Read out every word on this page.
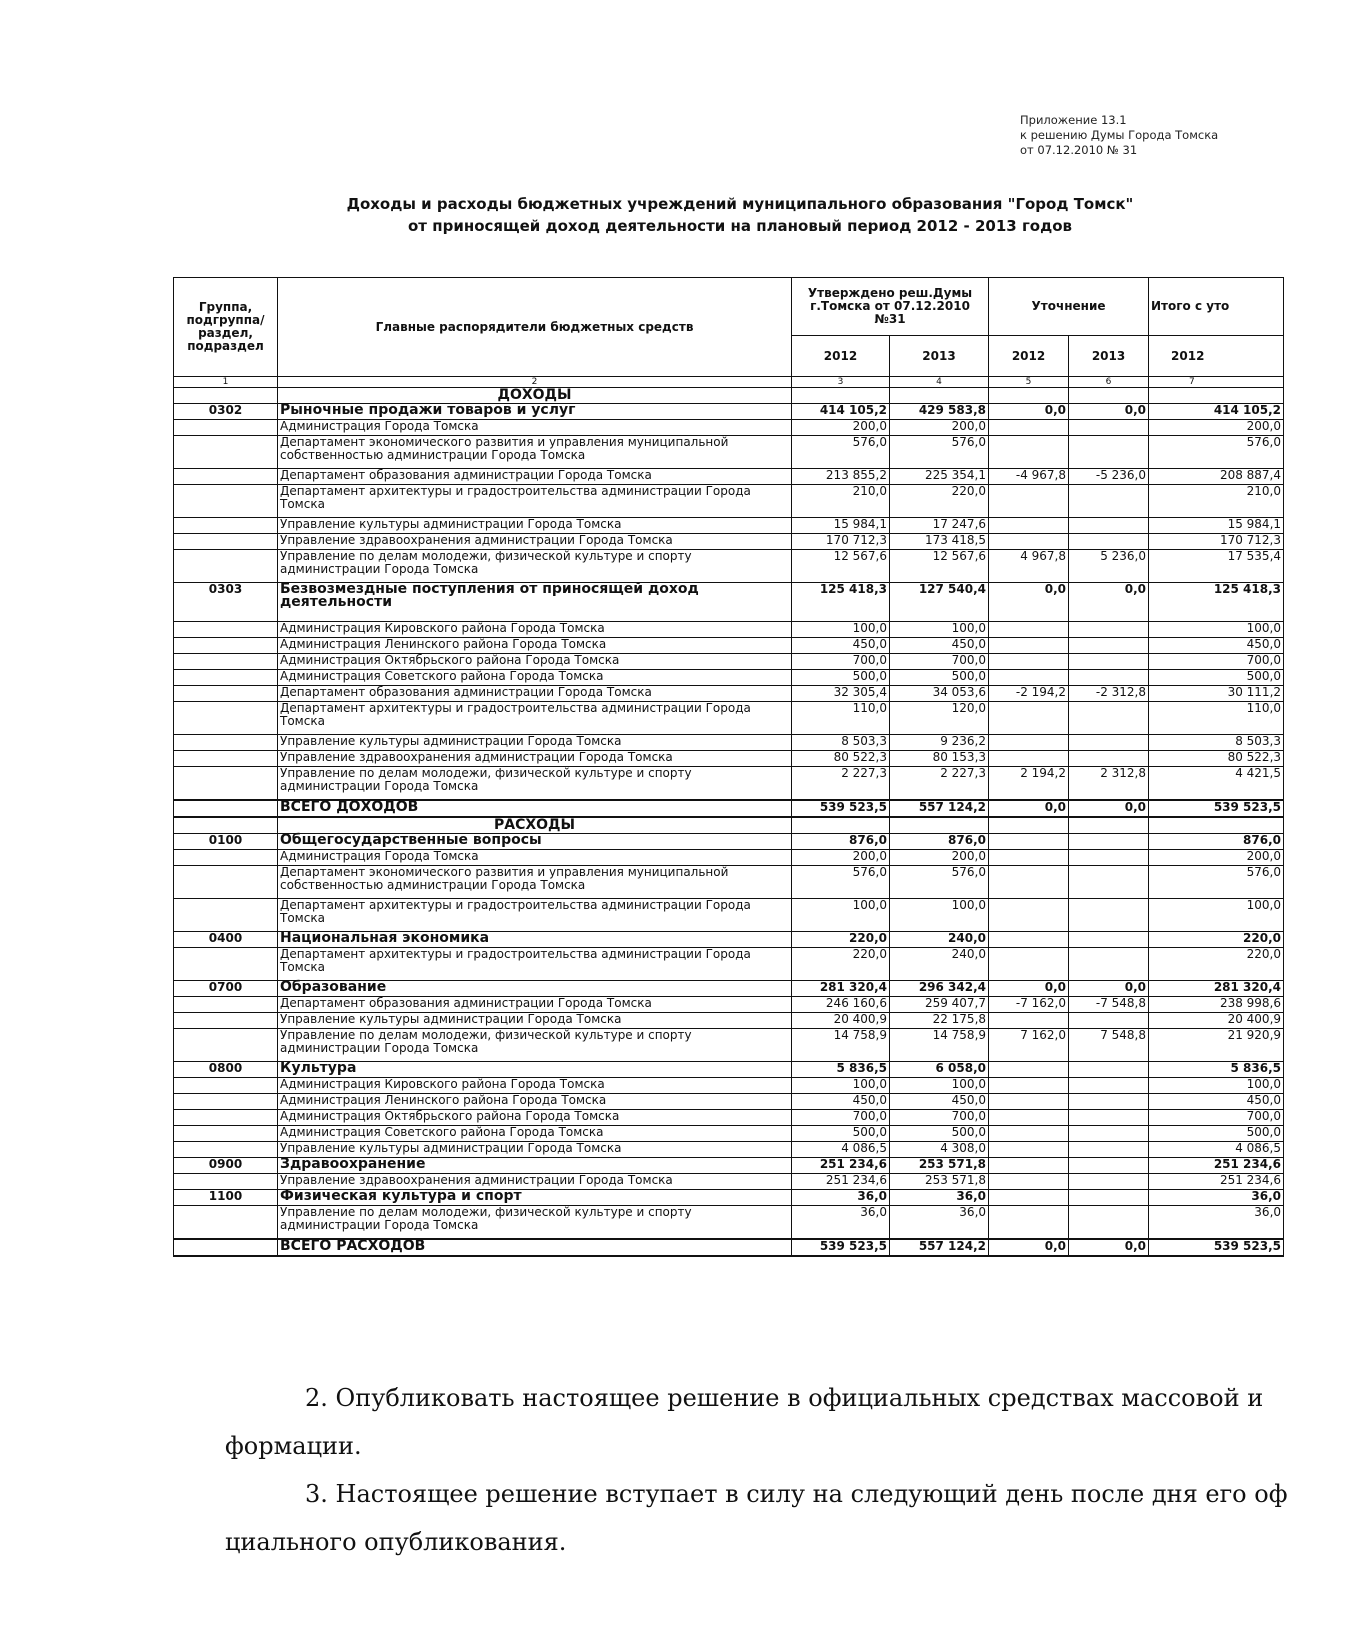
Приложение 13.1
к решению Думы Города Томска
от 07.12.2010 № 31
Доходы и расходы бюджетных учреждений муниципального образования "Город Томск"
от приносящей доход деятельности на плановый период 2012 - 2013 годов
Группа, подгруппа/ раздел, подраздел	Главные распорядители бюджетных средств	Утверждено реш.Думы г.Томска от 07.12.2010 №31		Уточнение		Итого с уто
		2012	2013	2012	2013	2012
1	2	3	4	5	6	7
	ДОХОДЫ					
0302	Рыночные продажи товаров и услуг	414 105,2	429 583,8	0,0	0,0	414 105,2
	Администрация Города Томска	200,0	200,0			200,0
	Департамент экономического развития и управления муниципальной собственностью администрации Города Томска	576,0	576,0			576,0
	Департамент образования администрации Города Томска	213 855,2	225 354,1	-4 967,8	-5 236,0	208 887,4
	Департамент архитектуры и градостроительства администрации Города Томска	210,0	220,0			210,0
	Управление культуры администрации Города Томска	15 984,1	17 247,6			15 984,1
	Управление здравоохранения администрации Города Томска	170 712,3	173 418,5			170 712,3
	Управление по делам молодежи, физической культуре и спорту администрации Города Томска	12 567,6	12 567,6	4 967,8	5 236,0	17 535,4
0303	Безвозмездные поступления от приносящей доход деятельности	125 418,3	127 540,4	0,0	0,0	125 418,3
	Администрация Кировского района Города Томска	100,0	100,0			100,0
	Администрация Ленинского района Города Томска	450,0	450,0			450,0
	Администрация Октябрьского района Города Томска	700,0	700,0			700,0
	Администрация Советского района Города Томска	500,0	500,0			500,0
	Департамент образования администрации Города Томска	32 305,4	34 053,6	-2 194,2	-2 312,8	30 111,2
	Департамент архитектуры и градостроительства администрации Города Томска	110,0	120,0			110,0
	Управление культуры администрации Города Томска	8 503,3	9 236,2			8 503,3
	Управление здравоохранения администрации Города Томска	80 522,3	80 153,3			80 522,3
	Управление по делам молодежи, физической культуре и спорту администрации Города Томска	2 227,3	2 227,3	2 194,2	2 312,8	4 421,5
	ВСЕГО ДОХОДОВ	539 523,5	557 124,2	0,0	0,0	539 523,5
	РАСХОДЫ					
0100	Общегосударственные вопросы	876,0	876,0			876,0
	Администрация Города Томска	200,0	200,0			200,0
	Департамент экономического развития и управления муниципальной собственностью администрации Города Томска	576,0	576,0			576,0
	Департамент архитектуры и градостроительства администрации Города Томска	100,0	100,0			100,0
0400	Национальная экономика	220,0	240,0			220,0
	Департамент архитектуры и градостроительства администрации Города Томска	220,0	240,0			220,0
0700	Образование	281 320,4	296 342,4	0,0	0,0	281 320,4
	Департамент образования администрации Города Томска	246 160,6	259 407,7	-7 162,0	-7 548,8	238 998,6
	Управление культуры администрации Города Томска	20 400,9	22 175,8			20 400,9
	Управление по делам молодежи, физической культуре и спорту администрации Города Томска	14 758,9	14 758,9	7 162,0	7 548,8	21 920,9
0800	Культура	5 836,5	6 058,0			5 836,5
	Администрация Кировского района Города Томска	100,0	100,0			100,0
	Администрация Ленинского района Города Томска	450,0	450,0			450,0
	Администрация Октябрьского района Города Томска	700,0	700,0			700,0
	Администрация Советского района Города Томска	500,0	500,0			500,0
	Управление культуры администрации Города Томска	4 086,5	4 308,0			4 086,5
0900	Здравоохранение	251 234,6	253 571,8			251 234,6
	Управление здравоохранения администрации Города Томска	251 234,6	253 571,8			251 234,6
1100	Физическая культура и спорт	36,0	36,0			36,0
	Управление по делам молодежи, физической культуре и спорту администрации Города Томска	36,0	36,0			36,0
	ВСЕГО РАСХОДОВ	539 523,5	557 124,2	0,0	0,0	539 523,5
2. Опубликовать настоящее решение в официальных средствах массовой и
формации.
3. Настоящее решение вступает в силу на следующий день после дня его оф
циального опубликования.
